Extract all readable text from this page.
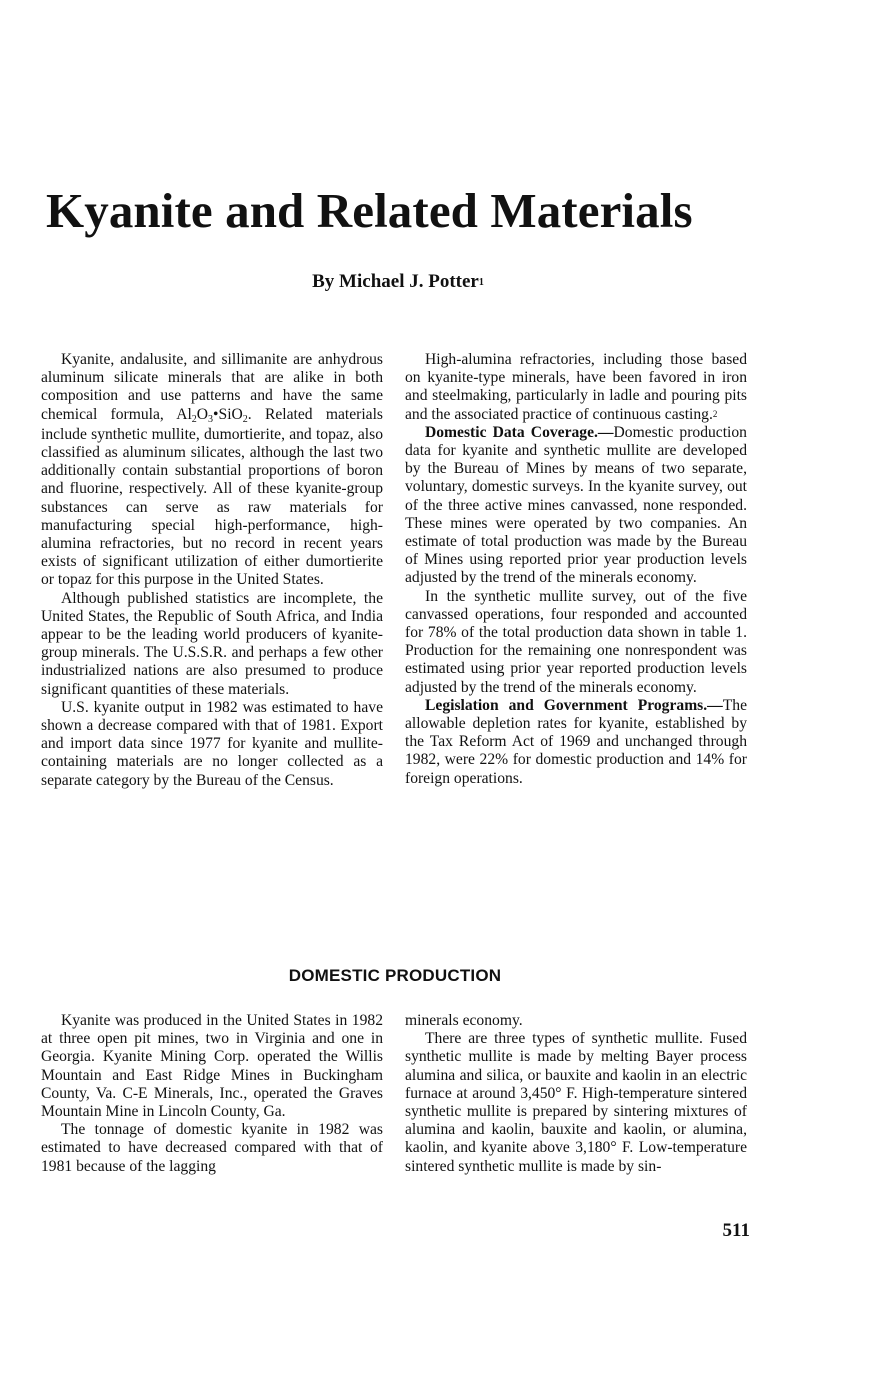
Kyanite and Related Materials
By Michael J. Potter$^1$

Kyanite, andalusite, and sillimanite are anhydrous aluminum silicate minerals that are alike in both composition and use patterns and have the same chemical formula, $Al_2O_3•SiO_2$. Related materials include synthetic mullite, dumortierite, and topaz, also classified as aluminum silicates, although the last two additionally contain substantial proportions of boron and fluorine, respectively. All of these kyanite-group substances can serve as raw materials for manufacturing special high-performance, high-alumina refractories, but no record in recent years exists of significant utilization of either dumortierite or topaz for this purpose in the United States.

Although published statistics are incomplete, the United States, the Republic of South Africa, and India appear to be the leading world producers of kyanite-group minerals. The U.S.S.R. and perhaps a few other industrialized nations are also presumed to produce significant quantities of these materials.

U.S. kyanite output in 1982 was estimated to have shown a decrease compared with that of 1981. Export and import data since 1977 for kyanite and mullite-containing materials are no longer collected as a separate category by the Bureau of the Census.

High-alumina refractories, including those based on kyanite-type minerals, have been favored in iron and steelmaking, particularly in ladle and pouring pits and the associated practice of continuous casting.$^2$

Domestic Data Coverage.—Domestic production data for kyanite and synthetic mullite are developed by the Bureau of Mines by means of two separate, voluntary, domestic surveys. In the kyanite survey, out of the three active mines canvassed, none responded. These mines were operated by two companies. An estimate of total production was made by the Bureau of Mines using reported prior year production levels adjusted by the trend of the minerals economy.

In the synthetic mullite survey, out of the five canvassed operations, four responded and accounted for 78% of the total production data shown in table 1. Production for the remaining one nonrespondent was estimated using prior year reported production levels adjusted by the trend of the minerals economy.

Legislation and Government Programs.—The allowable depletion rates for kyanite, established by the Tax Reform Act of 1969 and unchanged through 1982, were 22% for domestic production and 14% for foreign operations.

DOMESTIC PRODUCTION

Kyanite was produced in the United States in 1982 at three open pit mines, two in Virginia and one in Georgia. Kyanite Mining Corp. operated the Willis Mountain and East Ridge Mines in Buckingham County, Va. C-E Minerals, Inc., operated the Graves Mountain Mine in Lincoln County, Ga.

The tonnage of domestic kyanite in 1982 was estimated to have decreased compared with that of 1981 because of the lagging

minerals economy.

There are three types of synthetic mullite. Fused synthetic mullite is made by melting Bayer process alumina and silica, or bauxite and kaolin in an electric furnace at around 3,450° F. High-temperature sintered synthetic mullite is prepared by sintering mixtures of alumina and kaolin, bauxite and kaolin, or alumina, kaolin, and kyanite above 3,180° F. Low-temperature sintered synthetic mullite is made by sin-

511
